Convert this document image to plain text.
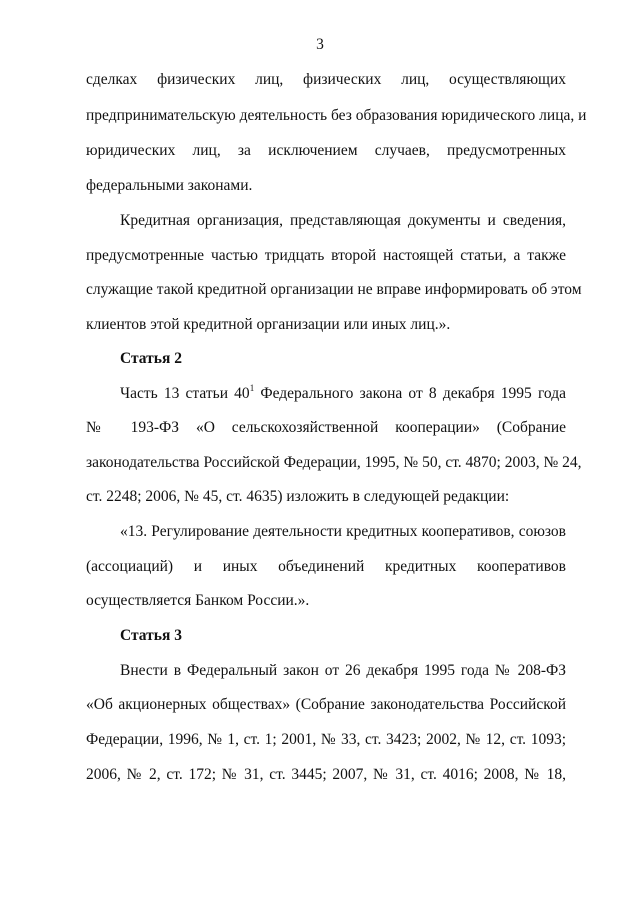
3
сделках физических лиц, физических лиц, осуществляющих
предпринимательскую деятельность без образования юридического лица, и
юридических лиц, за исключением случаев, предусмотренных
федеральными законами.
Кредитная организация, представляющая документы и сведения,
предусмотренные частью тридцать второй настоящей статьи, а также
служащие такой кредитной организации не вправе информировать об этом
клиентов этой кредитной организации или иных лиц.».
Статья 2
Часть 13 статьи $40^1$ Федерального закона от 8 декабря 1995 года
№ 193-ФЗ «О сельскохозяйственной кооперации» (Собрание
законодательства Российской Федерации, 1995, № 50, ст. 4870; 2003, № 24,
ст. 2248; 2006, № 45, ст. 4635) изложить в следующей редакции:
«13. Регулирование деятельности кредитных кооперативов, союзов
(ассоциаций) и иных объединений кредитных кооперативов
осуществляется Банком России.».
Статья 3
Внести в Федеральный закон от 26 декабря 1995 года № 208-ФЗ
«Об акционерных обществах» (Собрание законодательства Российской
Федерации, 1996, № 1, ст. 1; 2001, № 33, ст. 3423; 2002, № 12, ст. 1093;
2006, № 2, ст. 172; № 31, ст. 3445; 2007, № 31, ст. 4016; 2008, № 18,
